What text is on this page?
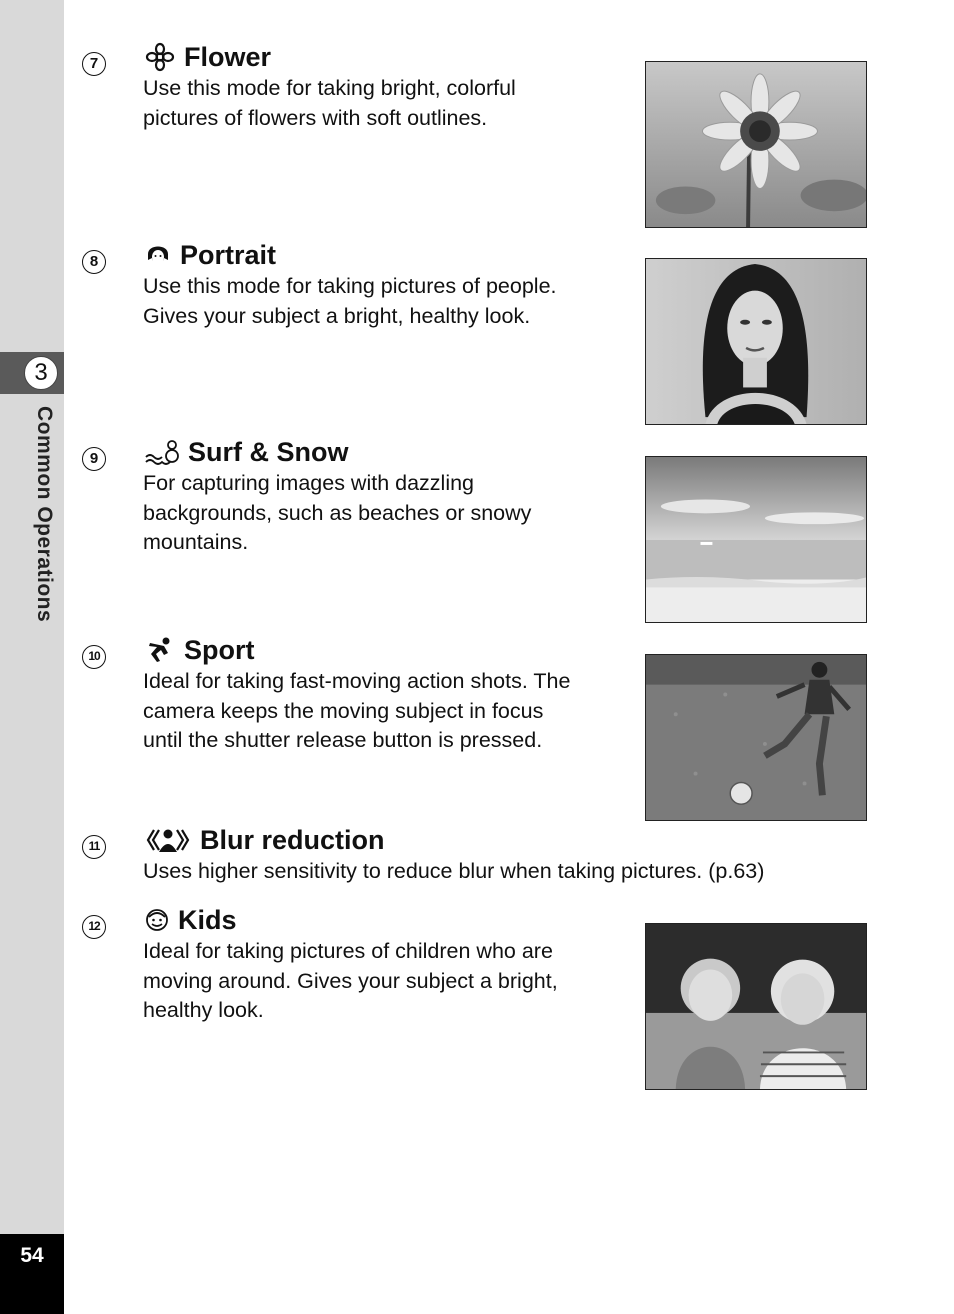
3
Common Operations
54
7	Flower
Use this mode for taking bright, colorful
pictures of flowers with soft outlines.
8	Portrait
Use this mode for taking pictures of people.
Gives your subject a bright, healthy look.
9	Surf & Snow
For capturing images with dazzling
backgrounds, such as beaches or snowy
mountains.
10	Sport
Ideal for taking fast-moving action shots. The
camera keeps the moving subject in focus
until the shutter release button is pressed.
11	Blur reduction
Uses higher sensitivity to reduce blur when taking pictures. (p.63)
12	Kids
Ideal for taking pictures of children who are
moving around. Gives your subject a bright,
healthy look.
